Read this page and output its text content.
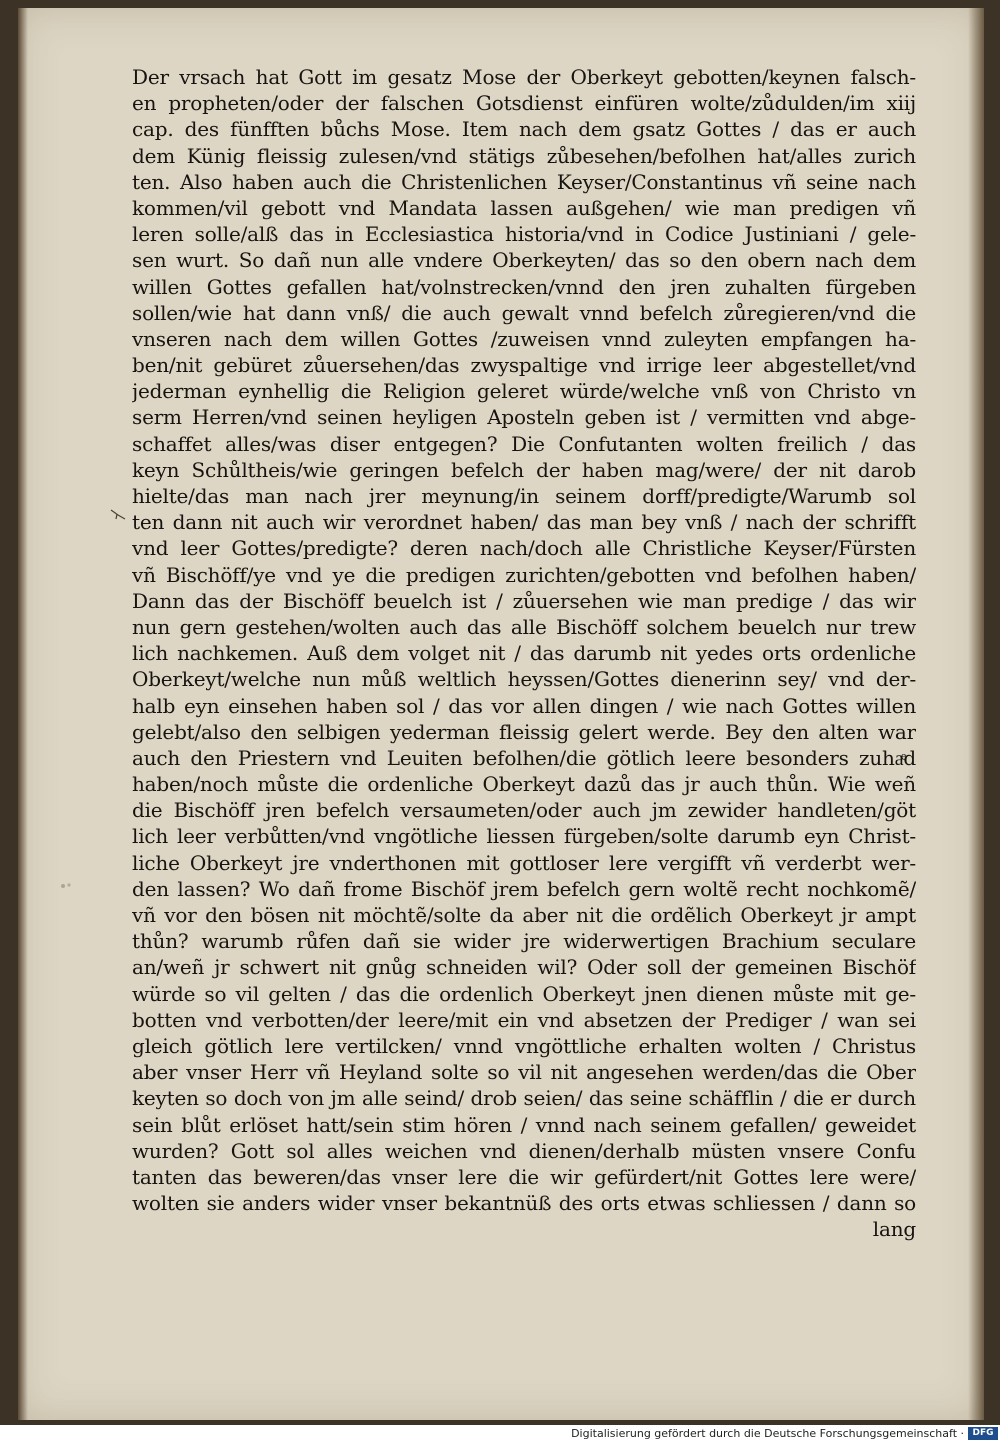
Der vrsach hat Gott im gesatz Mose der Oberkeyt gebotten/keynen falsch-
en propheten/oder der falschen Gotsdienst einfüren wolte/zůdulden/im xiij
cap. des fünfften bůchs Mose. Item nach dem gsatz Gottes / das er auch
dem Künig fleissig zulesen/vnd stätigs zůbesehen/befolhen hat/alles zurich
ten. Also haben auch die Christenlichen Keyser/Constantinus vñ seine nach
kommen/vil gebott vnd Mandata lassen außgehen/ wie man predigen vñ
leren solle/alß das in Ecclesiastica historia/vnd in Codice Justiniani / gele-
sen wurt. So dañ nun alle vndere Oberkeyten/ das so den obern nach dem
willen Gottes gefallen hat/volnstrecken/vnnd den jren zuhalten fürgeben
sollen/wie hat dann vnß/ die auch gewalt vnnd befelch zůregieren/vnd die
vnseren nach dem willen Gottes /zuweisen vnnd zuleyten empfangen ha-
ben/nit gebüret zůuersehen/das zwyspaltige vnd irrige leer abgestellet/vnd
jederman eynhellig die Religion geleret würde/welche vnß von Christo vn
serm Herren/vnd seinen heyligen Aposteln geben ist / vermitten vnd abge-
schaffet alles/was diser entgegen? Die Confutanten wolten freilich / das
keyn Schůltheis/wie geringen befelch der haben mag/were/ der nit darob
hielte/das man nach jrer meynung/in seinem dorff/predigte/Warumb sol
ten dann nit auch wir verordnet haben/ das man bey vnß / nach der schrifft
vnd leer Gottes/predigte? deren nach/doch alle Christliche Keyser/Fürsten
vñ Bischöff/ye vnd ye die predigen zurichten/gebotten vnd befolhen haben/
Dann das der Bischöff beuelch ist / zůuersehen wie man predige / das wir
nun gern gestehen/wolten auch das alle Bischöff solchem beuelch nur trew
lich nachkemen. Auß dem volget nit / das darumb nit yedes orts ordenliche
Oberkeyt/welche nun můß weltlich heyssen/Gottes dienerinn sey/ vnd der-
halb eyn einsehen haben sol / das vor allen dingen / wie nach Gottes willen
gelebt/also den selbigen yederman fleissig gelert werde. Bey den alten war
auch den Priestern vnd Leuiten befolhen/die götlich leere besonders zuhaͤd
haben/noch můste die ordenliche Oberkeyt dazů das jr auch thůn. Wie weñ
die Bischöff jren befelch versaumeten/oder auch jm zewider handleten/göt
lich leer verbůtten/vnd vngötliche liessen fürgeben/solte darumb eyn Christ-
liche Oberkeyt jre vnderthonen mit gottloser lere vergifft vñ verderbt wer-
den lassen? Wo dañ frome Bischöf jrem befelch gern woltẽ recht nochkomẽ/
vñ vor den bösen nit möchtẽ/solte da aber nit die ordẽlich Oberkeyt jr ampt
thůn? warumb růfen dañ sie wider jre widerwertigen Brachium seculare
an/weñ jr schwert nit gnůg schneiden wil? Oder soll der gemeinen Bischöf
würde so vil gelten / das die ordenlich Oberkeyt jnen dienen můste mit ge-
botten vnd verbotten/der leere/mit ein vnd absetzen der Prediger / wan sei
gleich götlich lere vertilcken/ vnnd vngöttliche erhalten wolten / Christus
aber vnser Herr vñ Heyland solte so vil nit angesehen werden/das die Ober
keyten so doch von jm alle seind/ drob seien/ das seine schäfflin / die er durch
sein blůt erlöset hatt/sein stim hören / vnnd nach seinem gefallen/ geweidet
wurden? Gott sol alles weichen vnd dienen/derhalb müsten vnsere Confu
tanten das beweren/das vnser lere die wir gefürdert/nit Gottes lere were/
wolten sie anders wider vnser bekantnüß des orts etwas schliessen / dann so
lang
Digitalisierung gefördert durch die Deutsche Forschungsgemeinschaft · DFG
